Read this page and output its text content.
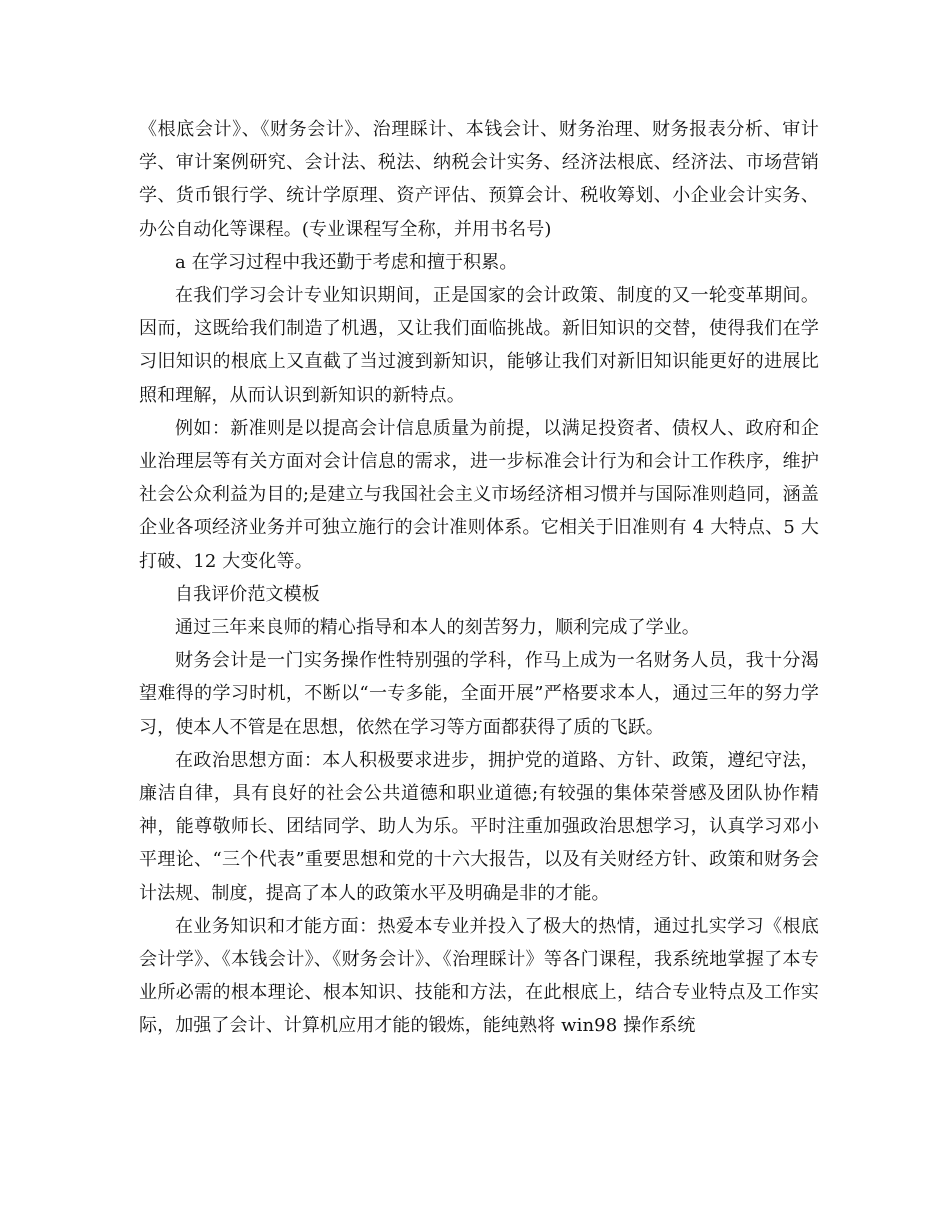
《根底会计》、《财务会计》、治理睬计、本钱会计、财务治理、财务报表分析、审计学、审计案例研究、会计法、税法、纳税会计实务、经济法根底、经济法、市场营销学、货币银行学、统计学原理、资产评估、预算会计、税收筹划、小企业会计实务、办公自动化等课程。(专业课程写全称，并用书名号)

a 在学习过程中我还勤于考虑和擅于积累。

在我们学习会计专业知识期间，正是国家的会计政策、制度的又一轮变革期间。因而，这既给我们制造了机遇，又让我们面临挑战。新旧知识的交替，使得我们在学习旧知识的根底上又直截了当过渡到新知识，能够让我们对新旧知识能更好的进展比照和理解，从而认识到新知识的新特点。

例如：新准则是以提高会计信息质量为前提，以满足投资者、债权人、政府和企业治理层等有关方面对会计信息的需求，进一步标准会计行为和会计工作秩序，维护社会公众利益为目的;是建立与我国社会主义市场经济相习惯并与国际准则趋同，涵盖企业各项经济业务并可独立施行的会计准则体系。它相关于旧准则有 4 大特点、5 大打破、12 大变化等。

自我评价范文模板

通过三年来良师的精心指导和本人的刻苦努力，顺利完成了学业。

财务会计是一门实务操作性特别强的学科，作马上成为一名财务人员，我十分渴望难得的学习时机，不断以“一专多能，全面开展”严格要求本人，通过三年的努力学习，使本人不管是在思想，依然在学习等方面都获得了质的飞跃。

在政治思想方面：本人积极要求进步，拥护党的道路、方针、政策，遵纪守法，廉洁自律，具有良好的社会公共道德和职业道德;有较强的集体荣誉感及团队协作精神，能尊敬师长、团结同学、助人为乐。平时注重加强政治思想学习，认真学习邓小平理论、“三个代表”重要思想和党的十六大报告，以及有关财经方针、政策和财务会计法规、制度，提高了本人的政策水平及明确是非的才能。

在业务知识和才能方面：热爱本专业并投入了极大的热情，通过扎实学习《根底会计学》、《本钱会计》、《财务会计》、《治理睬计》等各门课程，我系统地掌握了本专业所必需的根本理论、根本知识、技能和方法，在此根底上，结合专业特点及工作实际，加强了会计、计算机应用才能的锻炼，能纯熟将 win98 操作系统
